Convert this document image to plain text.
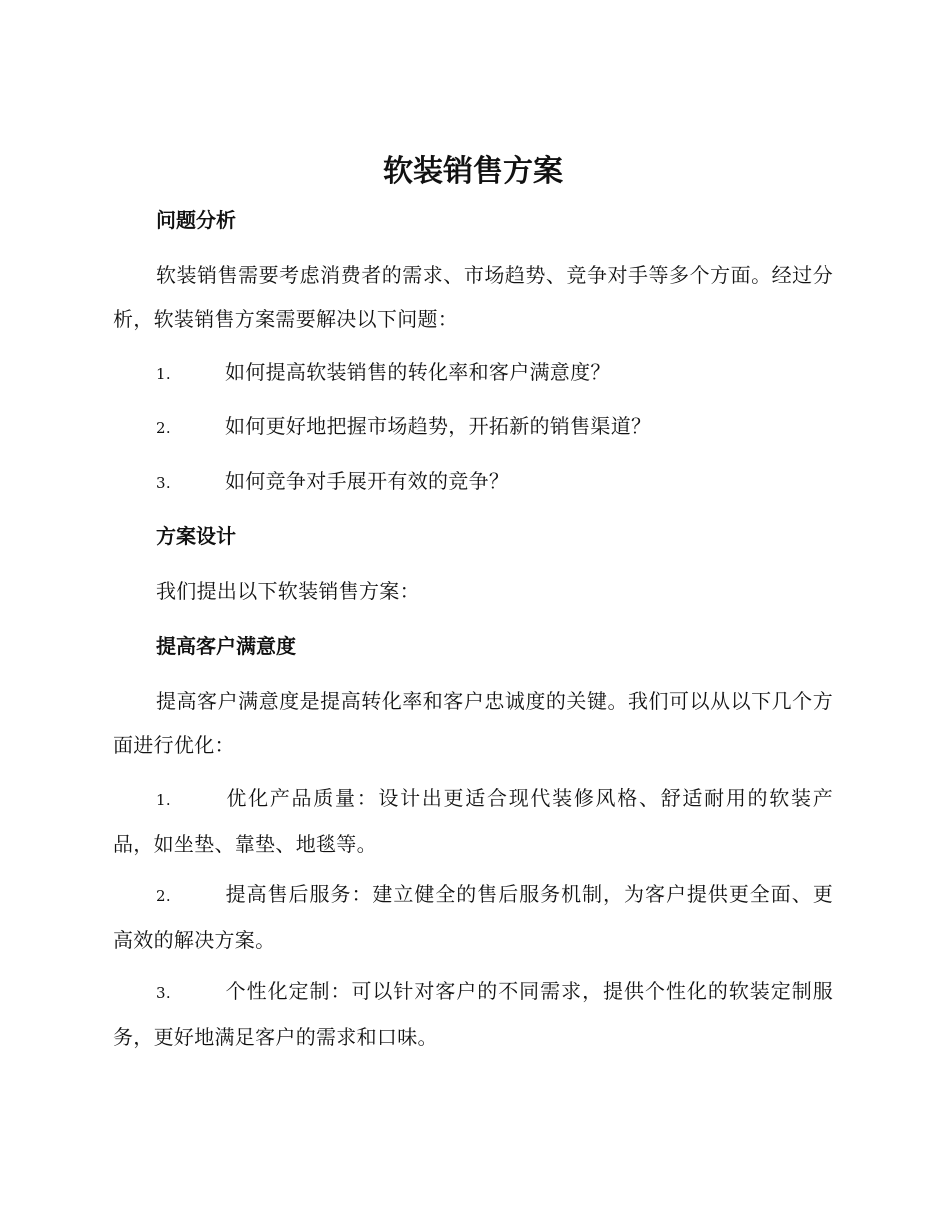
软装销售方案
问题分析

软装销售需要考虑消费者的需求、市场趋势、竞争对手等多个方面。经过分析，软装销售方案需要解决以下问题：

1.	如何提高软装销售的转化率和客户满意度？

2.	如何更好地把握市场趋势，开拓新的销售渠道？

3.	如何竞争对手展开有效的竞争？

方案设计

我们提出以下软装销售方案：

提高客户满意度

提高客户满意度是提高转化率和客户忠诚度的关键。我们可以从以下几个方面进行优化：

1.	优化产品质量：设计出更适合现代装修风格、舒适耐用的软装产品，如坐垫、靠垫、地毯等。

2.	提高售后服务：建立健全的售后服务机制，为客户提供更全面、更高效的解决方案。

3.	个性化定制：可以针对客户的不同需求，提供个性化的软装定制服务，更好地满足客户的需求和口味。
